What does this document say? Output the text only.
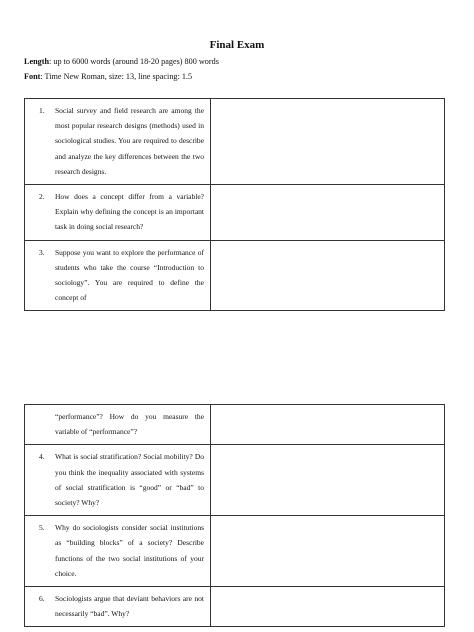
Final Exam
Length: up to 6000 words (around 18-20 pages) 800 words
Font: Time New Roman, size: 13, line spacing: 1.5
1. Social survey and field research are among the most popular research designs (methods) used in sociological studies. You are required to describe and analyze the key differences between the two research designs.	

2. How does a concept differ from a variable? Explain why defining the concept is an important task in doing social research?	

3. Suppose you want to explore the performance of students who take the course “Introduction to sociology”. You are required to define the concept of	

“performance”? How do you measure the variable of “performance”?	

4. What is social stratification? Social mobility? Do you think the inequality associated with systems of social stratification is “good” or “bad” to society? Why?	

5. Why do sociologists consider social institutions as “building blocks” of a society? Describe functions of the two social institutions of your choice.	

6. Sociologists argue that deviant behaviors are not necessarily “bad”. Why?	
